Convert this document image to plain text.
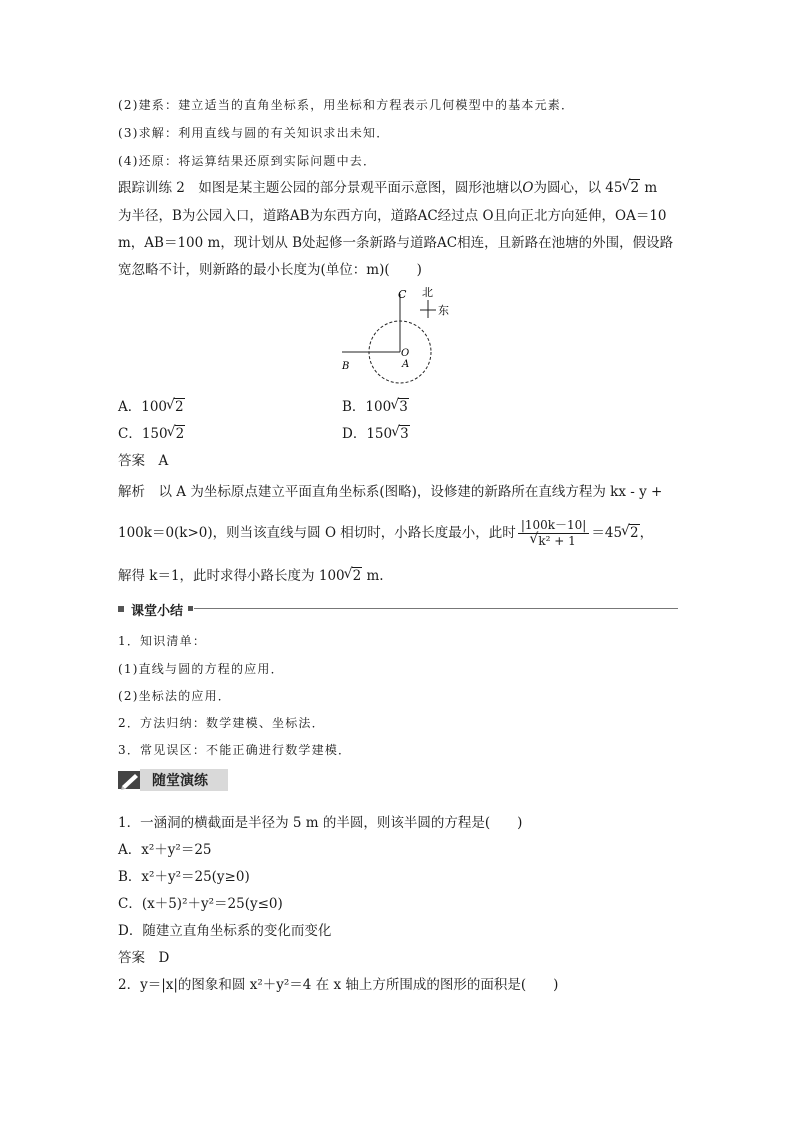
(2)建系：建立适当的直角坐标系，用坐标和方程表示几何模型中的基本元素．
(3)求解：利用直线与圆的有关知识求出未知．
(4)还原：将运算结果还原到实际问题中去．
跟踪训练 2　如图是某主题公园的部分景观平面示意图，圆形池塘以O为圆心，以 45 √ 2 m
为半径，B为公园入口，道路AB为东西方向，道路AC经过点 O且向正北方向延伸，OA＝10
m，AB＝100 m，现计划从 B处起修一条新路与道路AC相连，且新路在池塘的外围，假设路
宽忽略不计，则新路的最小长度为(单位：m)(　　)
C 北
东
O
A
B
A．100 √ 2	B．100 √ 3
C．150 √ 2	D．150 √ 3
答案　A
解析　以 A 为坐标原点建立平面直角坐标系(图略)，设修建的新路所在直线方程为 kx - y +
100k＝0(k>0)，则当该直线与圆 O 相切时，小路长度最小，此时 |100k－10|
√ k² + 1 ＝45 √ 2，
解得 k＝1，此时求得小路长度为 100 √ 2 m.
课堂小结
1．知识清单：
(1)直线与圆的方程的应用．
(2)坐标法的应用．
2．方法归纳：数学建模、坐标法．
3．常见误区：不能正确进行数学建模．
随堂演练
1．一涵洞的横截面是半径为 5 m 的半圆，则该半圆的方程是(　　)
A．x²＋y²＝25
B．x²＋y²＝25(y≥0)
C．(x＋5)²＋y²＝25(y≤0)
D．随建立直角坐标系的变化而变化
答案　D
2．y＝|x|的图象和圆 x²＋y²＝4 在 x 轴上方所围成的图形的面积是(　　)
